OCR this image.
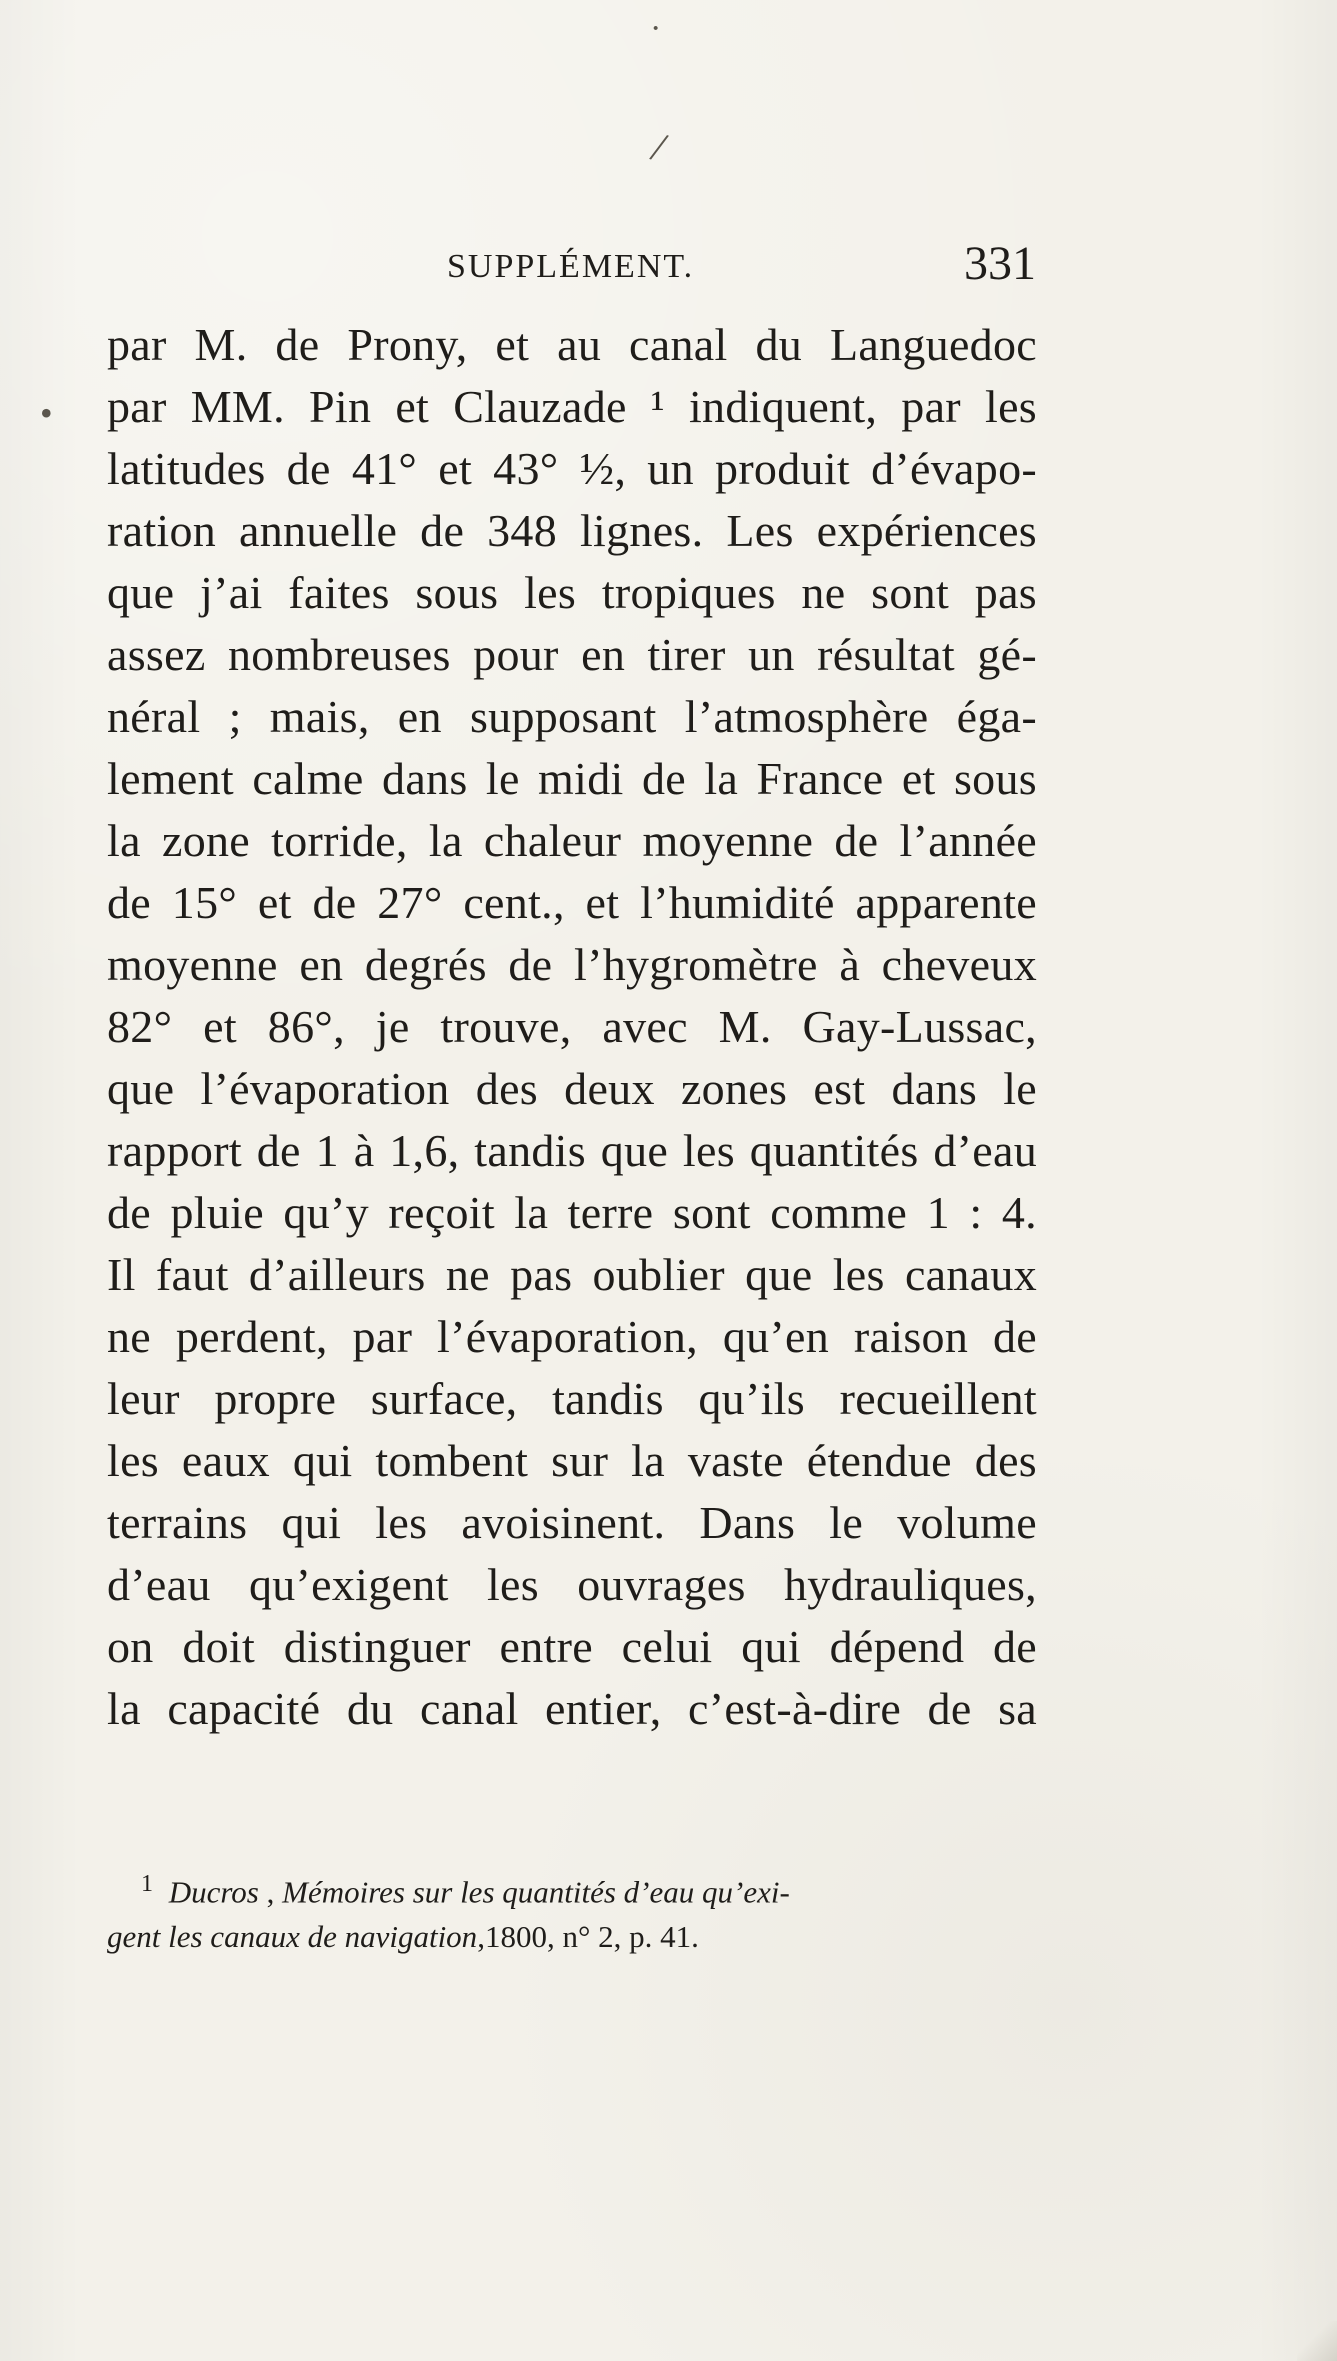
·
/
•
SUPPLÉMENT.	331
par M. de Prony, et au canal du Languedoc
par MM. Pin et Clauzade ¹ indiquent, par les
latitudes de 41° et 43° ½, un produit d’évapo-
ration annuelle de 348 lignes. Les expériences
que j’ai faites sous les tropiques ne sont pas
assez nombreuses pour en tirer un résultat gé-
néral ; mais, en supposant l’atmosphère éga-
lement calme dans le midi de la France et sous
la zone torride, la chaleur moyenne de l’année
de 15° et de 27° cent., et l’humidité apparente
moyenne en degrés de l’hygromètre à cheveux
82° et 86°, je trouve, avec M. Gay-Lussac,
que l’évaporation des deux zones est dans le
rapport de 1 à 1,6, tandis que les quantités d’eau
de pluie qu’y reçoit la terre sont comme 1 : 4.
Il faut d’ailleurs ne pas oublier que les canaux
ne perdent, par l’évaporation, qu’en raison de
leur propre surface, tandis qu’ils recueillent
les eaux qui tombent sur la vaste étendue des
terrains qui les avoisinent. Dans le volume
d’eau qu’exigent les ouvrages hydrauliques,
on doit distinguer entre celui qui dépend de
la capacité du canal entier, c’est-à-dire de sa
$^1$ Ducros , Mémoires sur les quantités d’eau qu’exi-
gent les canaux de navigation,1800, n° 2, p. 41.
